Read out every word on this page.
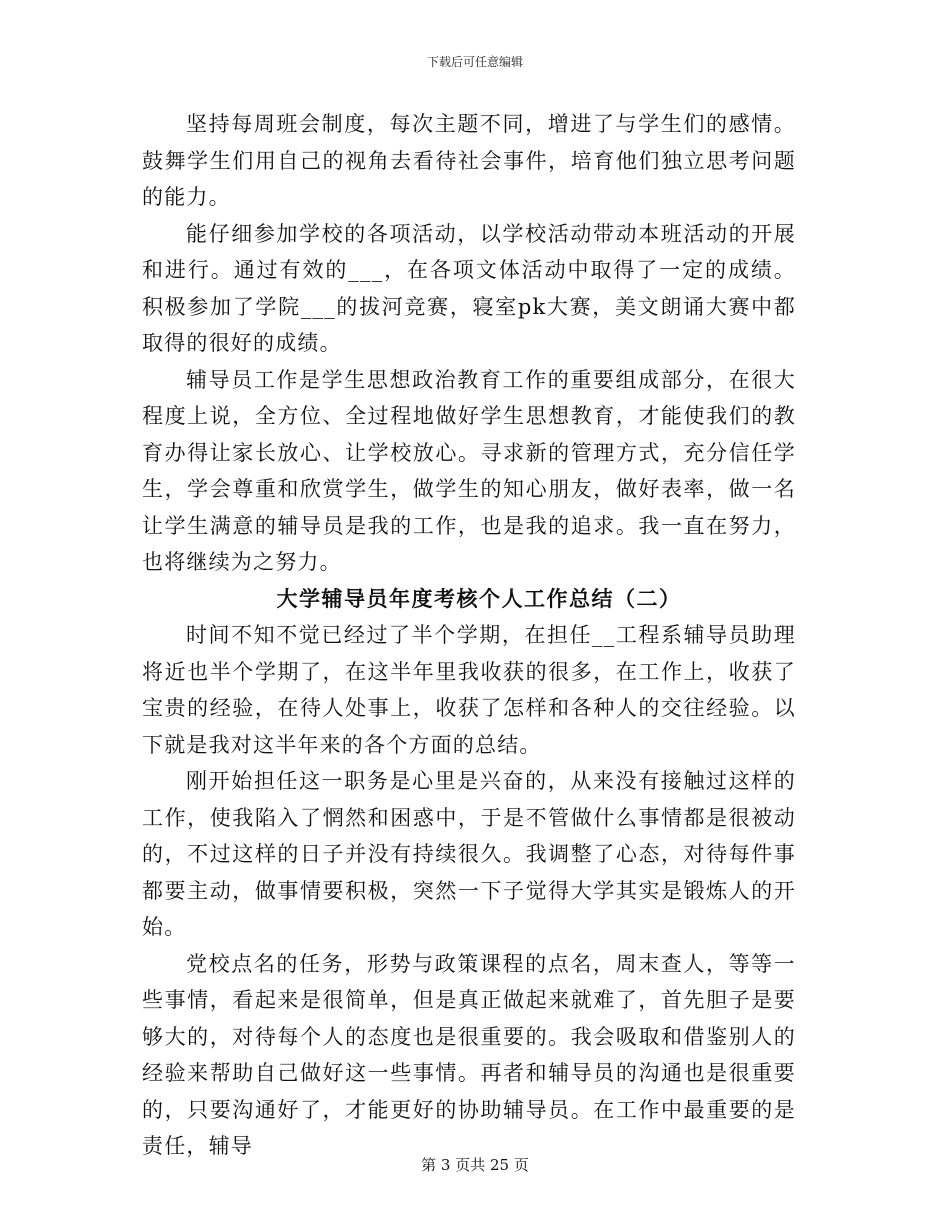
下载后可任意编辑

坚持每周班会制度，每次主题不同，增进了与学生们的感情。鼓舞学生们用自己的视角去看待社会事件，培育他们独立思考问题的能力。

能仔细参加学校的各项活动，以学校活动带动本班活动的开展和进行。通过有效的___，在各项文体活动中取得了一定的成绩。积极参加了学院___的拔河竞赛，寝室pk大赛，美文朗诵大赛中都取得的很好的成绩。

辅导员工作是学生思想政治教育工作的重要组成部分，在很大程度上说，全方位、全过程地做好学生思想教育，才能使我们的教育办得让家长放心、让学校放心。寻求新的管理方式，充分信任学生，学会尊重和欣赏学生，做学生的知心朋友，做好表率，做一名让学生满意的辅导员是我的工作，也是我的追求。我一直在努力，也将继续为之努力。

大学辅导员年度考核个人工作总结（二）

时间不知不觉已经过了半个学期，在担任__工程系辅导员助理将近也半个学期了，在这半年里我收获的很多，在工作上，收获了宝贵的经验，在待人处事上，收获了怎样和各种人的交往经验。以下就是我对这半年来的各个方面的总结。

刚开始担任这一职务是心里是兴奋的，从来没有接触过这样的工作，使我陷入了惘然和困惑中，于是不管做什么事情都是很被动的，不过这样的日子并没有持续很久。我调整了心态，对待每件事都要主动，做事情要积极，突然一下子觉得大学其实是锻炼人的开始。

党校点名的任务，形势与政策课程的点名，周末查人，等等一些事情，看起来是很简单，但是真正做起来就难了，首先胆子是要够大的，对待每个人的态度也是很重要的。我会吸取和借鉴别人的经验来帮助自己做好这一些事情。再者和辅导员的沟通也是很重要的，只要沟通好了，才能更好的协助辅导员。在工作中最重要的是责任，辅导

第 3 页共 25 页
